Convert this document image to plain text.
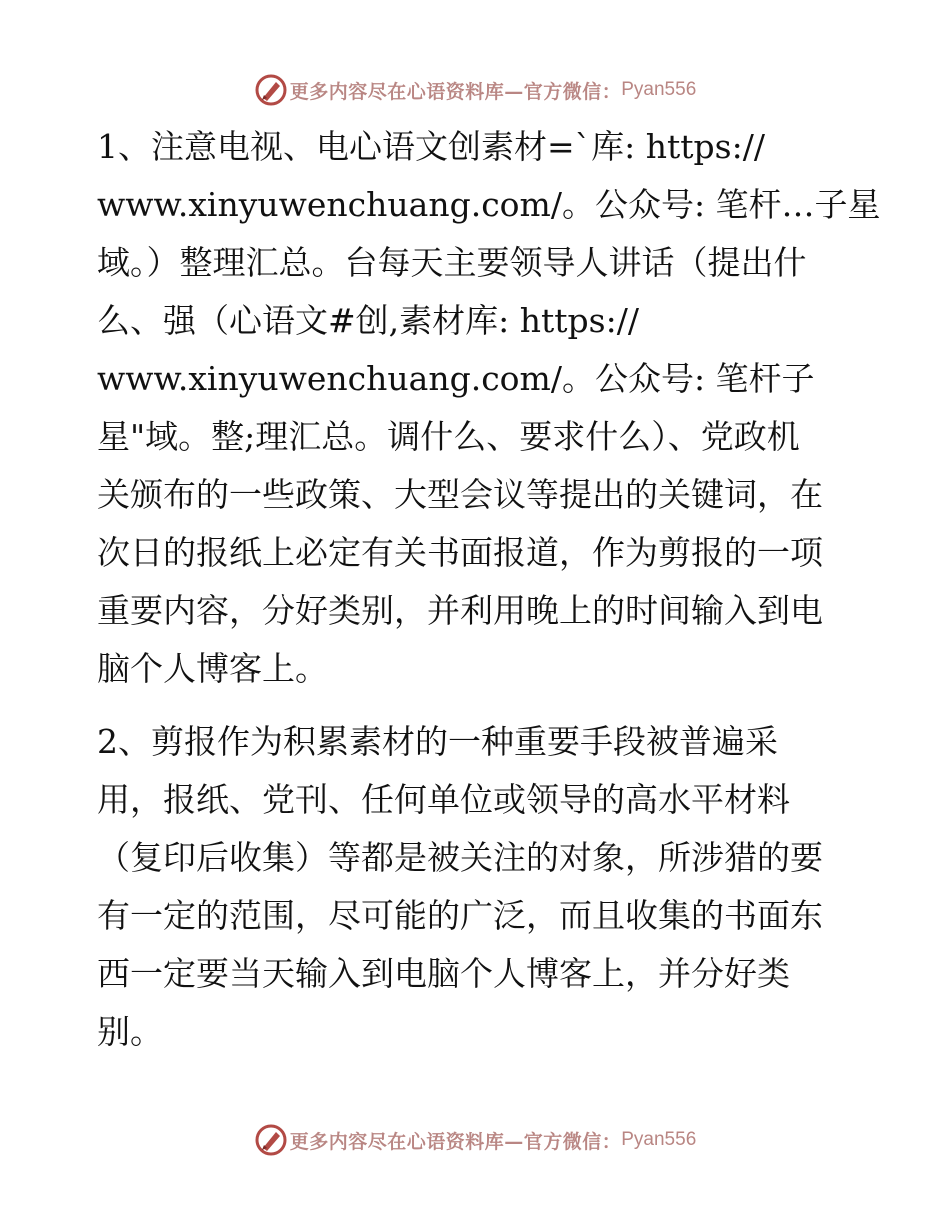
更多内容尽在心语资料库—官方微信： Pyan556
1、注意电视、电心语文创素材=`库: https://
www.xinyuwenchuang.com/。公众号: 笔杆…子星
域。）整理汇总。台每天主要领导人讲话（提出什
么、强（心语文#创,素材库: https://
www.xinyuwenchuang.com/。公众号: 笔杆子
星"域。整;理汇总。调什么、要求什么）、党政机
关颁布的一些政策、大型会议等提出的关键词，在
次日的报纸上必定有关书面报道，作为剪报的一项
重要内容，分好类别，并利用晚上的时间输入到电
脑个人博客上。
2、剪报作为积累素材的一种重要手段被普遍采
用，报纸、党刊、任何单位或领导的高水平材料
（复印后收集）等都是被关注的对象，所涉猎的要
有一定的范围，尽可能的广泛，而且收集的书面东
西一定要当天输入到电脑个人博客上，并分好类
别。
更多内容尽在心语资料库—官方微信： Pyan556
